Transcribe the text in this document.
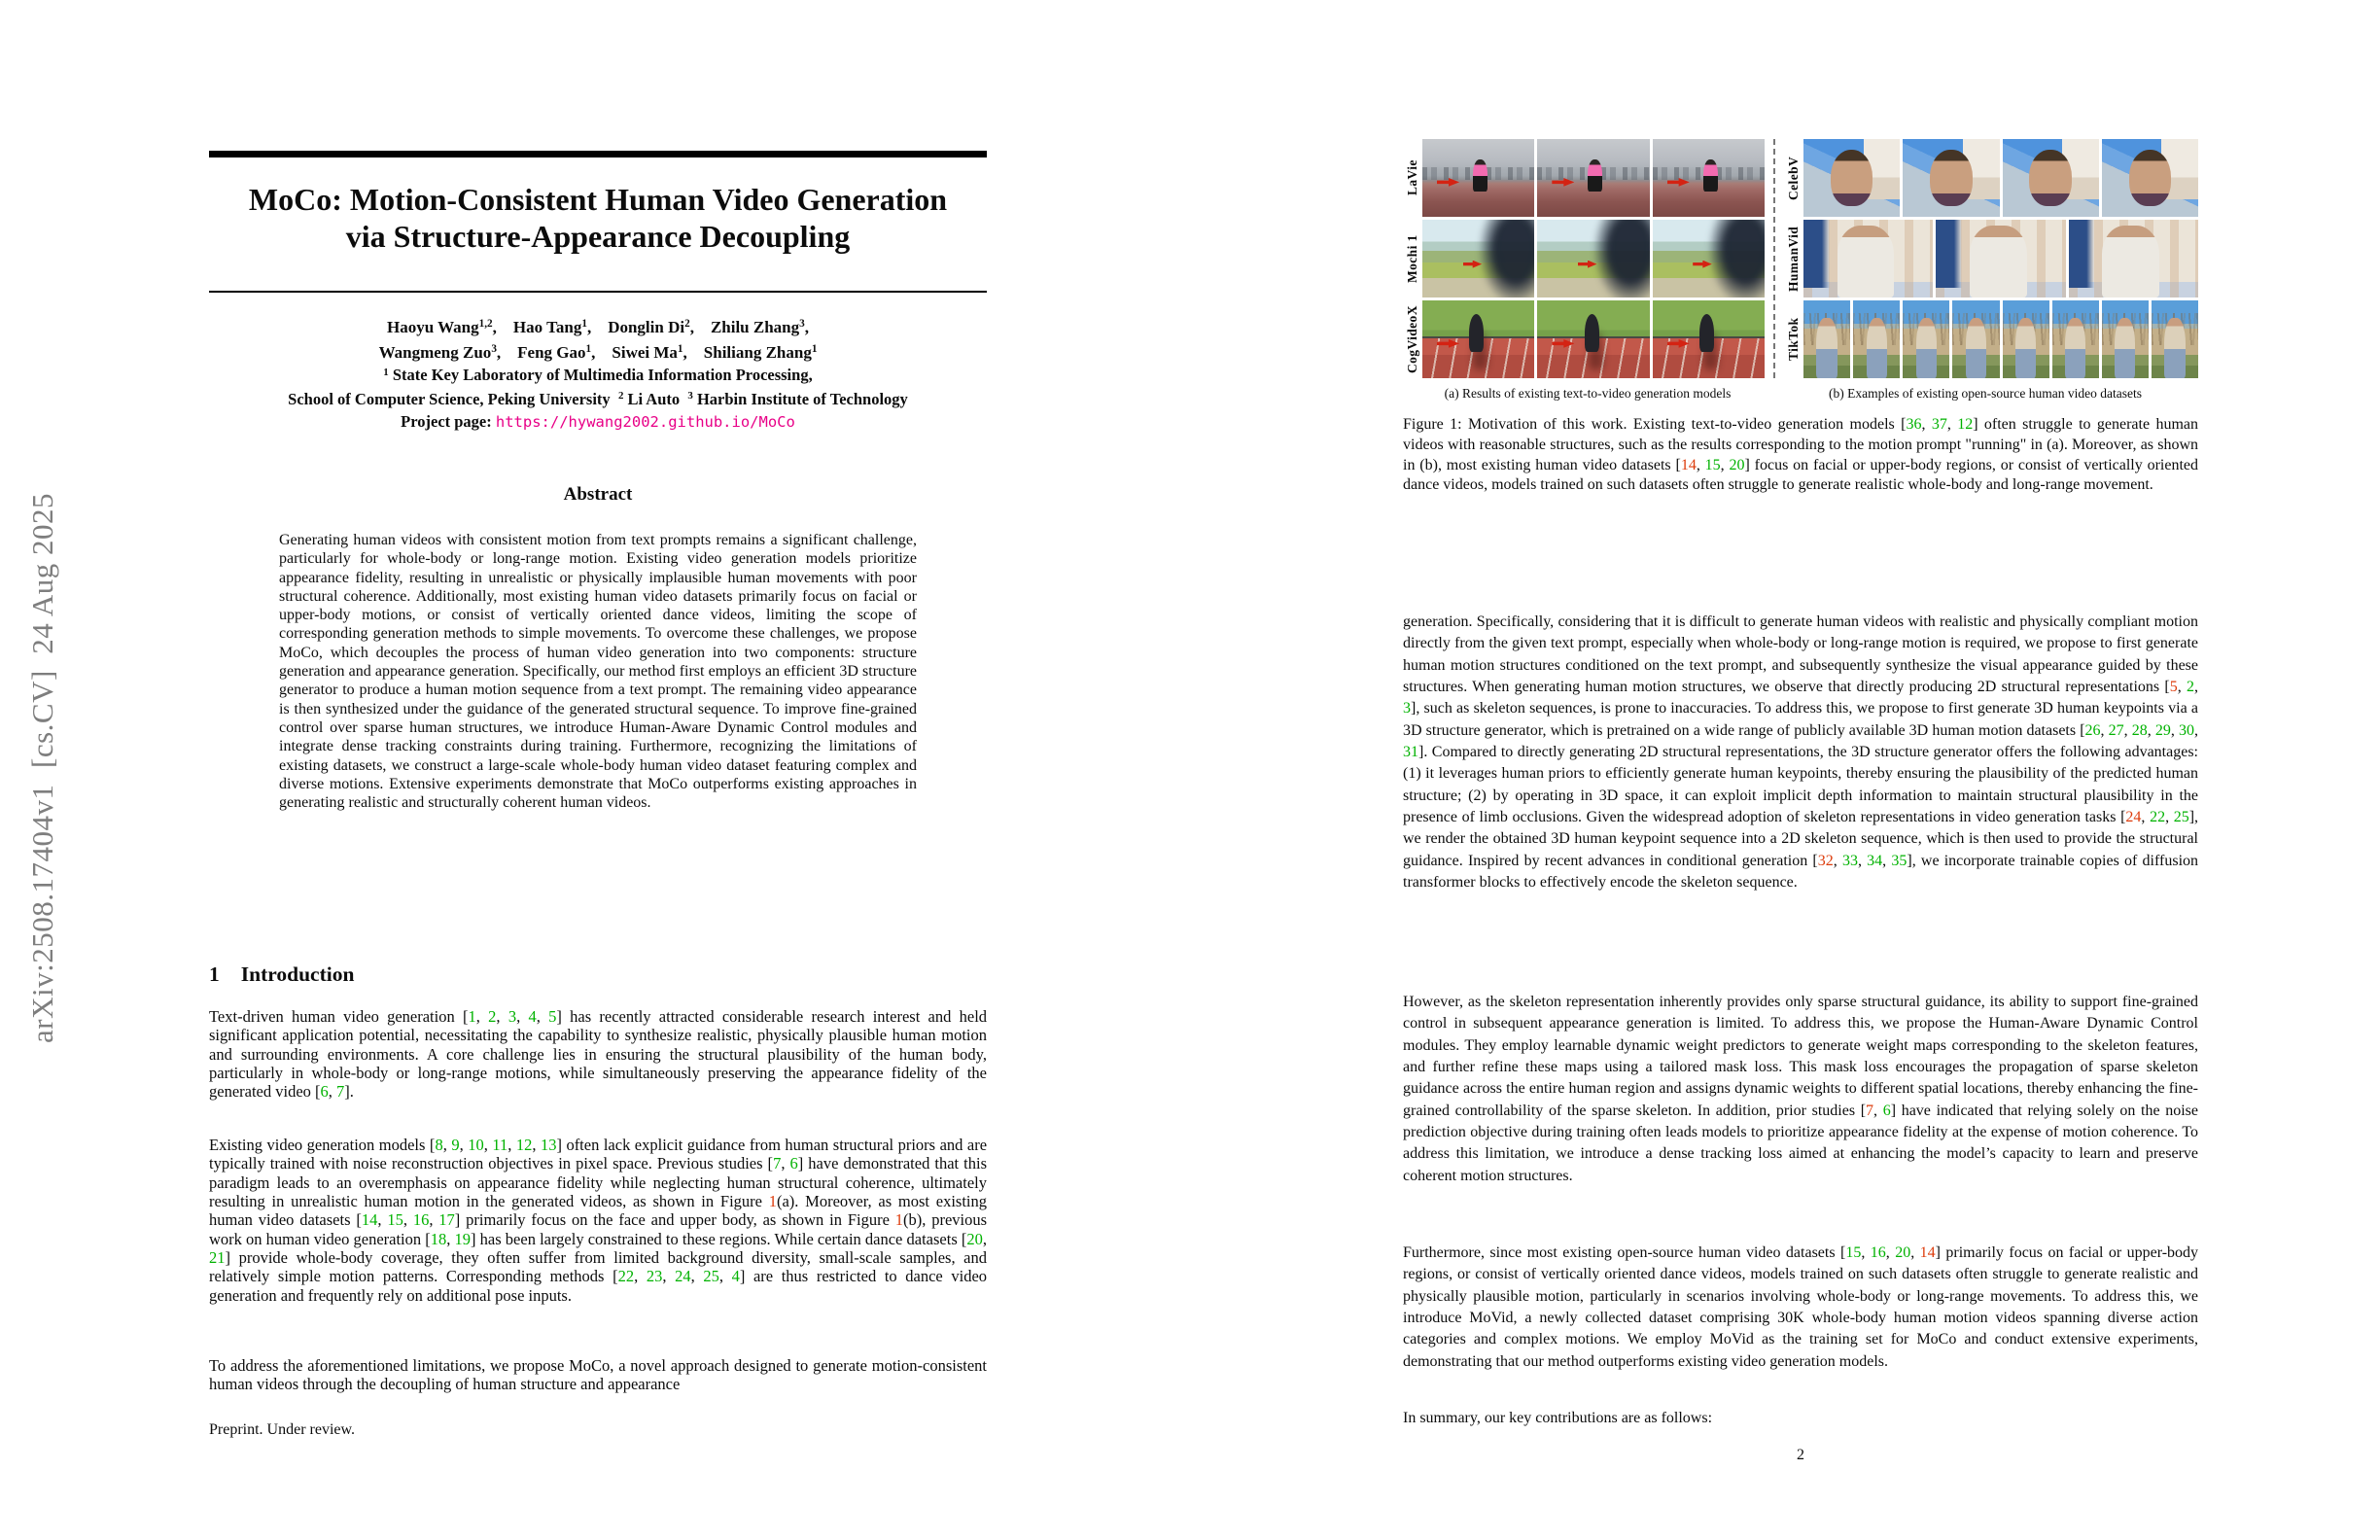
arXiv:2508.17404v1  [cs.CV]  24 Aug 2025
MoCo: Motion-Consistent Human Video Generation
via Structure-Appearance Decoupling
Haoyu Wang$^{1,2}$,  Hao Tang$^1$,  Donglin Di$^2$,  Zhilu Zhang$^3$,
Wangmeng Zuo$^3$,  Feng Gao$^1$,  Siwei Ma$^1$,  Shiliang Zhang$^1$
$^1$ State Key Laboratory of Multimedia Information Processing,
School of Computer Science, Peking University $^2$ Li Auto $^3$ Harbin Institute of Technology
Project page: https://hywang2002.github.io/MoCo
Abstract
Generating human videos with consistent motion from text prompts remains a significant challenge, particularly for whole-body or long-range motion. Existing video generation models prioritize appearance fidelity, resulting in unrealistic or physically implausible human movements with poor structural coherence. Additionally, most existing human video datasets primarily focus on facial or upper-body motions, or consist of vertically oriented dance videos, limiting the scope of corresponding generation methods to simple movements. To overcome these challenges, we propose MoCo, which decouples the process of human video generation into two components: structure generation and appearance generation. Specifically, our method first employs an efficient 3D structure generator to produce a human motion sequence from a text prompt. The remaining video appearance is then synthesized under the guidance of the generated structural sequence. To improve fine-grained control over sparse human structures, we introduce Human-Aware Dynamic Control modules and integrate dense tracking constraints during training. Furthermore, recognizing the limitations of existing datasets, we construct a large-scale whole-body human video dataset featuring complex and diverse motions. Extensive experiments demonstrate that MoCo outperforms existing approaches in generating realistic and structurally coherent human videos.
1 Introduction
Text-driven human video generation [1, 2, 3, 4, 5] has recently attracted considerable research interest and held significant application potential, necessitating the capability to synthesize realistic, physically plausible human motion and surrounding environments. A core challenge lies in ensuring the structural plausibility of the human body, particularly in whole-body or long-range motions, while simultaneously preserving the appearance fidelity of the generated video [6, 7].
Existing video generation models [8, 9, 10, 11, 12, 13] often lack explicit guidance from human structural priors and are typically trained with noise reconstruction objectives in pixel space. Previous studies [7, 6] have demonstrated that this paradigm leads to an overemphasis on appearance fidelity while neglecting human structural coherence, ultimately resulting in unrealistic human motion in the generated videos, as shown in Figure 1(a). Moreover, as most existing human video datasets [14, 15, 16, 17] primarily focus on the face and upper body, as shown in Figure 1(b), previous work on human video generation [18, 19] has been largely constrained to these regions. While certain dance datasets [20, 21] provide whole-body coverage, they often suffer from limited background diversity, small-scale samples, and relatively simple motion patterns. Corresponding methods [22, 23, 24, 25, 4] are thus restricted to dance video generation and frequently rely on additional pose inputs.
To address the aforementioned limitations, we propose MoCo, a novel approach designed to generate motion-consistent human videos through the decoupling of human structure and appearance
Preprint. Under review.
LaVie
Mochi 1
CogVideoX
CelebV
HumanVid
TikTok
(a) Results of existing text-to-video generation models	(b) Examples of existing open-source human video datasets
Figure 1: Motivation of this work. Existing text-to-video generation models [36, 37, 12] often struggle to generate human videos with reasonable structures, such as the results corresponding to the motion prompt "running" in (a). Moreover, as shown in (b), most existing human video datasets [14, 15, 20] focus on facial or upper-body regions, or consist of vertically oriented dance videos, models trained on such datasets often struggle to generate realistic whole-body and long-range movement.
generation. Specifically, considering that it is difficult to generate human videos with realistic and physically compliant motion directly from the given text prompt, especially when whole-body or long-range motion is required, we propose to first generate human motion structures conditioned on the text prompt, and subsequently synthesize the visual appearance guided by these structures. When generating human motion structures, we observe that directly producing 2D structural representations [5, 2, 3], such as skeleton sequences, is prone to inaccuracies. To address this, we propose to first generate 3D human keypoints via a 3D structure generator, which is pretrained on a wide range of publicly available 3D human motion datasets [26, 27, 28, 29, 30, 31]. Compared to directly generating 2D structural representations, the 3D structure generator offers the following advantages: (1) it leverages human priors to efficiently generate human keypoints, thereby ensuring the plausibility of the predicted human structure; (2) by operating in 3D space, it can exploit implicit depth information to maintain structural plausibility in the presence of limb occlusions. Given the widespread adoption of skeleton representations in video generation tasks [24, 22, 25], we render the obtained 3D human keypoint sequence into a 2D skeleton sequence, which is then used to provide the structural guidance. Inspired by recent advances in conditional generation [32, 33, 34, 35], we incorporate trainable copies of diffusion transformer blocks to effectively encode the skeleton sequence.
However, as the skeleton representation inherently provides only sparse structural guidance, its ability to support fine-grained control in subsequent appearance generation is limited. To address this, we propose the Human-Aware Dynamic Control modules. They employ learnable dynamic weight predictors to generate weight maps corresponding to the skeleton features, and further refine these maps using a tailored mask loss. This mask loss encourages the propagation of sparse skeleton guidance across the entire human region and assigns dynamic weights to different spatial locations, thereby enhancing the fine-grained controllability of the sparse skeleton. In addition, prior studies [7, 6] have indicated that relying solely on the noise prediction objective during training often leads models to prioritize appearance fidelity at the expense of motion coherence. To address this limitation, we introduce a dense tracking loss aimed at enhancing the model’s capacity to learn and preserve coherent motion structures.
Furthermore, since most existing open-source human video datasets [15, 16, 20, 14] primarily focus on facial or upper-body regions, or consist of vertically oriented dance videos, models trained on such datasets often struggle to generate realistic and physically plausible motion, particularly in scenarios involving whole-body or long-range movements. To address this, we introduce MoVid, a newly collected dataset comprising 30K whole-body human motion videos spanning diverse action categories and complex motions. We employ MoVid as the training set for MoCo and conduct extensive experiments, demonstrating that our method outperforms existing video generation models.
In summary, our key contributions are as follows:
2
